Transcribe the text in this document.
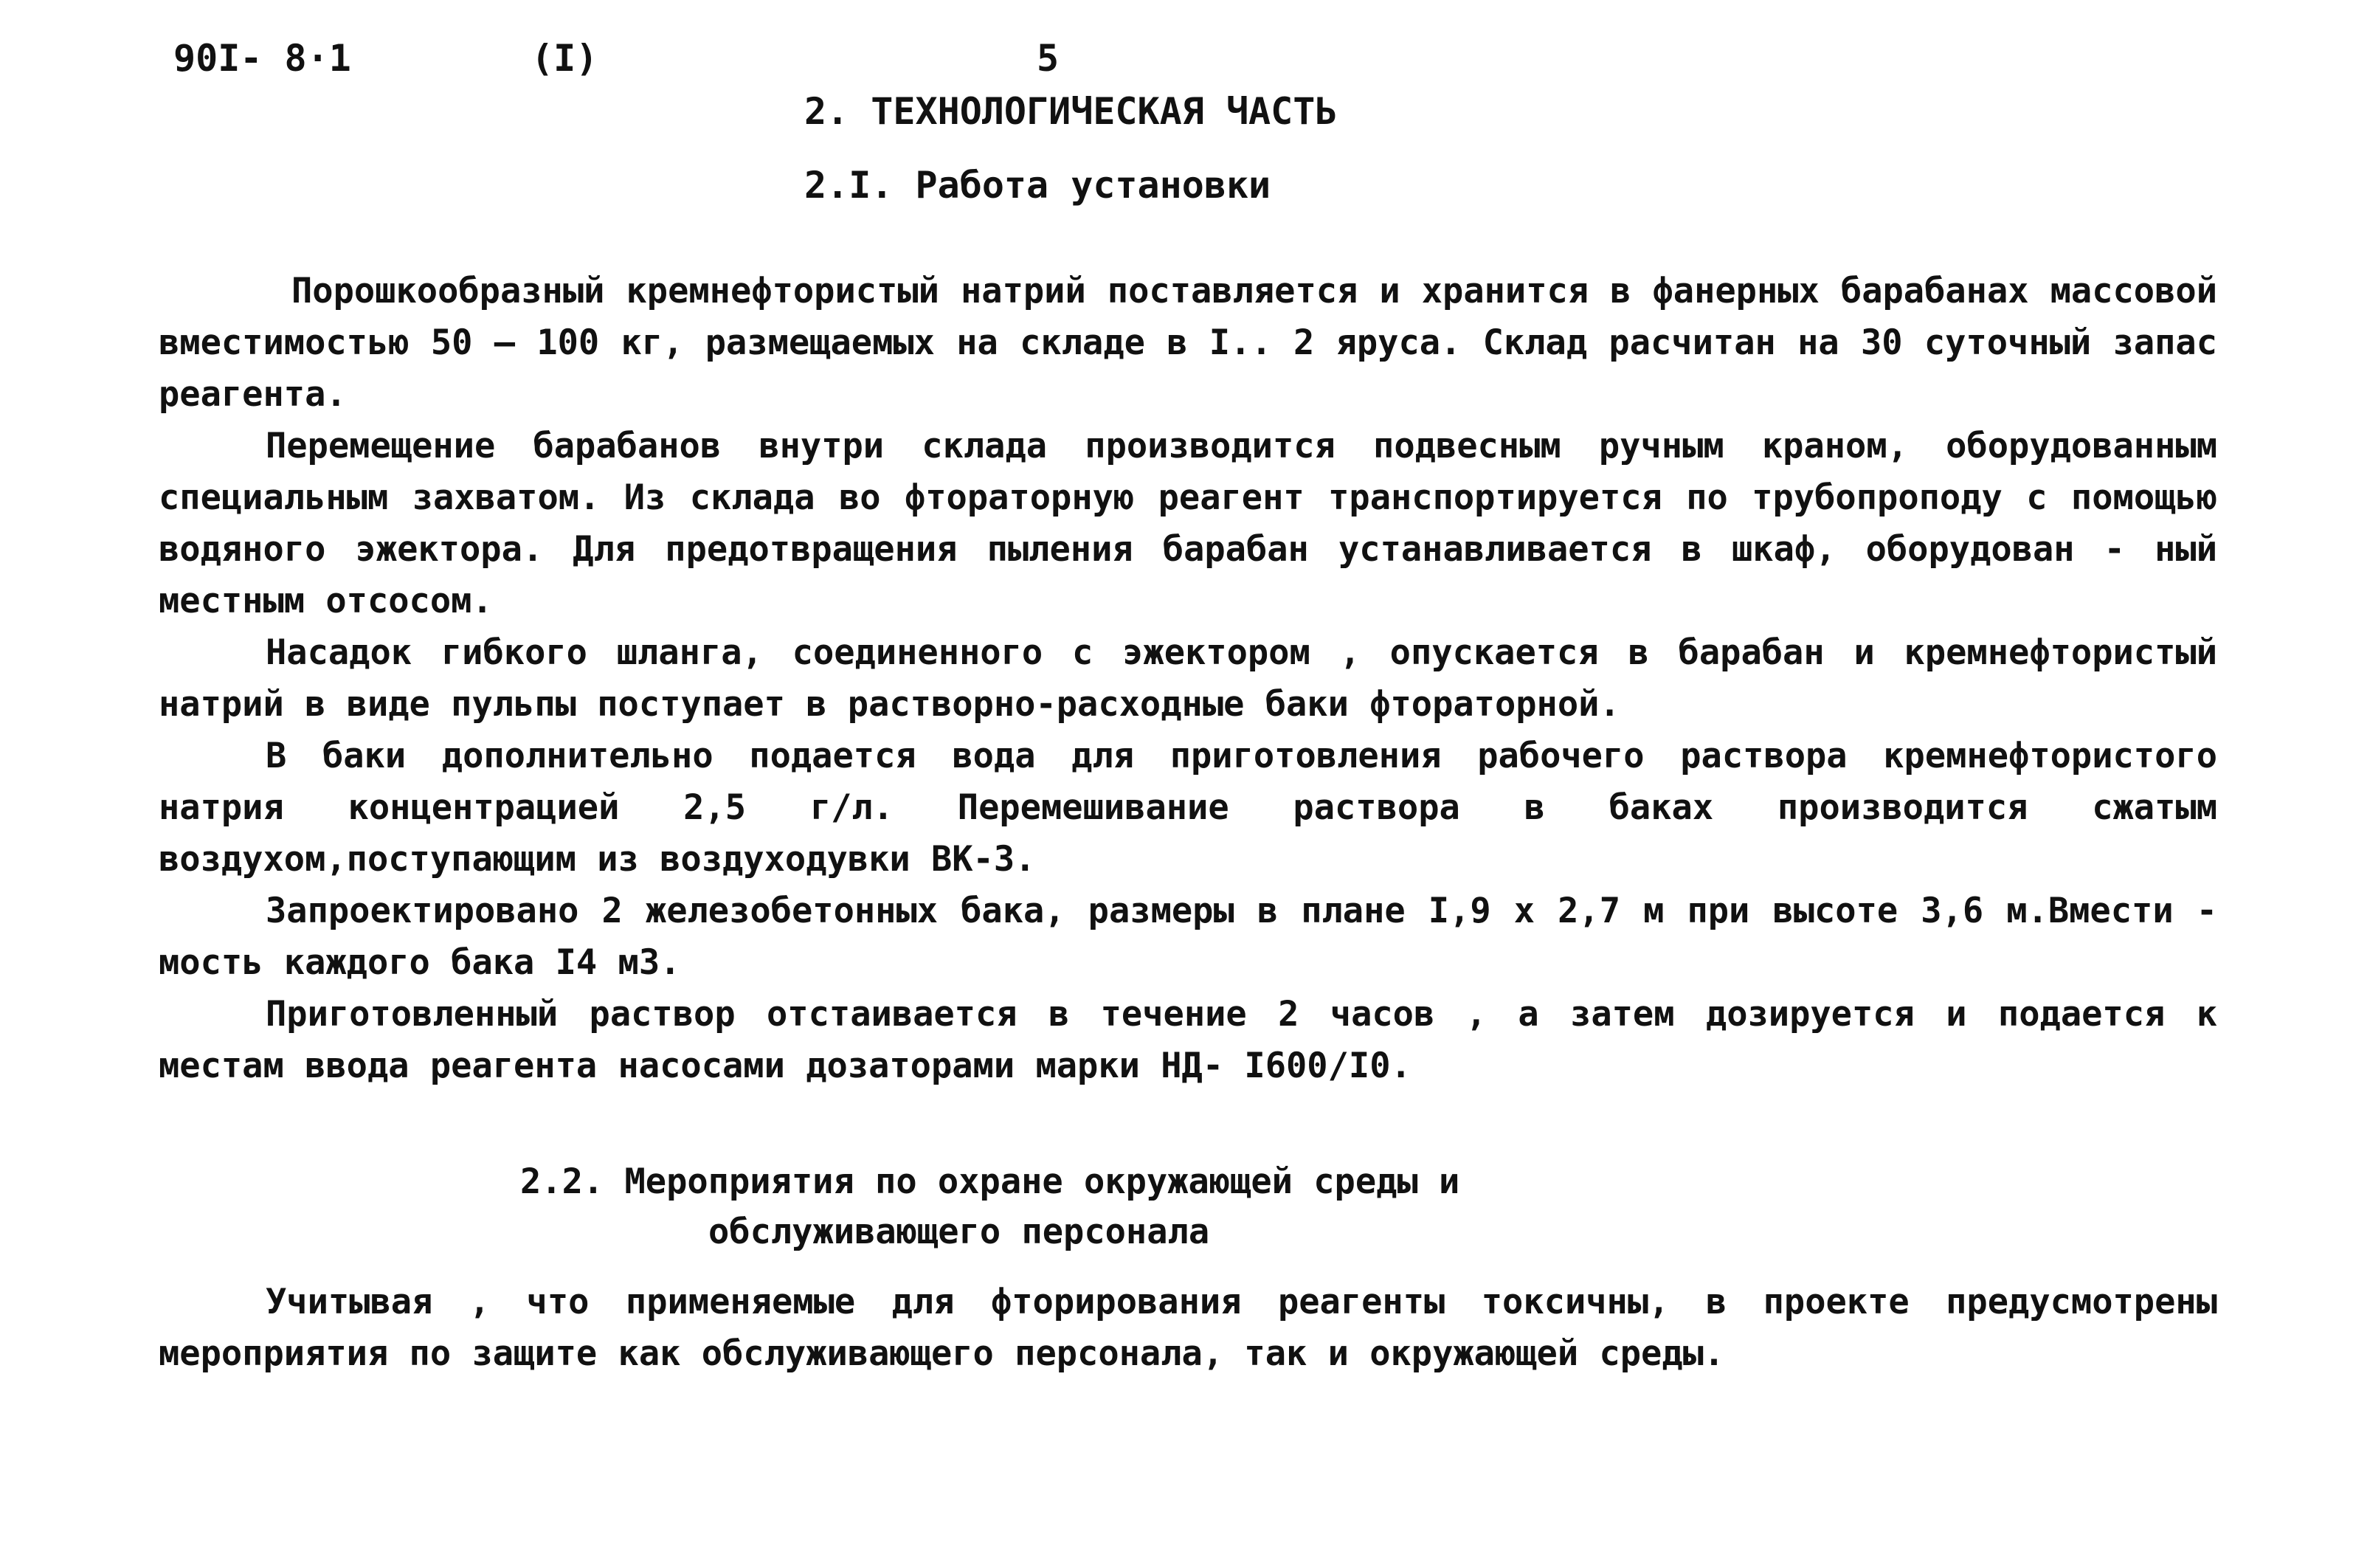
90I- 8·1	(I)	5
2. ТЕХНОЛОГИЧЕСКАЯ ЧАСТЬ
2.I. Работа установки

Порошкообразный кремнефтористый натрий поставляется и хранится в фанерных барабанах массовой вместимостью 50 – 100 кг, размещаемых на складе в I.. 2 яруса. Склад расчитан на 30 суточный запас реагента.

Перемещение барабанов внутри склада производится подвесным ручным краном, оборудованным специальным захватом. Из склада во фтораторную реагент транспортируется по трубопроподу с помощью водяного эжектора. Для предотвращения пыления барабан устанавливается в шкаф, оборудован - ный местным отсосом.

Насадок гибкого шланга, соединенного с эжектором , опускается в барабан и кремнефтористый натрий в виде пульпы поступает в растворно-расходные баки фтораторной.

В баки дополнительно подается вода для приготовления рабочего раствора кремнефтористого натрия концентрацией 2,5 г/л. Перемешивание раствора в баках производится сжатым воздухом,поступающим из воздуходувки ВК-3.

Запроектировано 2 железобетонных бака, размеры в плане I,9 х 2,7 м при высоте 3,6 м.Вмести - мость каждого бака I4 м3.

Приготовленный раствор отстаивается в течение 2 часов , а затем дозируется и подается к местам ввода реагента насосами дозаторами марки НД- I600/I0.

2.2. Мероприятия по охране окружающей среды и
обслуживающего персонала

Учитывая , что применяемые для фторирования реагенты токсичны, в проекте предусмотрены мероприятия по защите как обслуживающего персонала, так и окружающей среды.
